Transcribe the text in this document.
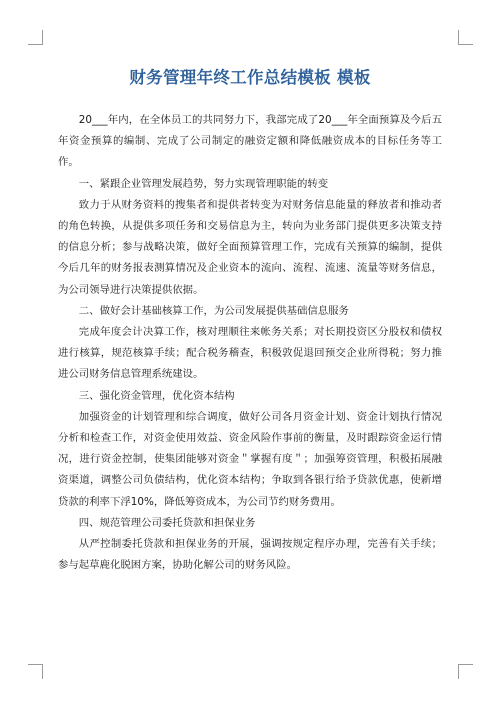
财务管理年终工作总结模板 模板

20___年内，在全体员工的共同努力下，我部完成了20___年全面预算及今后五年资金预算的编制、完成了公司制定的融资定额和降低融资成本的目标任务等工作。

一、紧跟企业管理发展趋势，努力实现管理职能的转变

致力于从财务资料的搜集者和提供者转变为对财务信息能量的释放者和推动者的角色转换，从提供多项任务和交易信息为主，转向为业务部门提供更多决策支持的信息分析；参与战略决策，做好全面预算管理工作，完成有关预算的编制，提供今后几年的财务报表测算情况及企业资本的流向、流程、流速、流量等财务信息，为公司领导进行决策提供依据。

二、做好会计基础核算工作，为公司发展提供基础信息服务

完成年度会计决算工作，核对理顺往来帐务关系；对长期投资区分股权和债权进行核算，规范核算手续；配合税务稽查，积极敦促退回预交企业所得税；努力推进公司财务信息管理系统建设。

三、强化资金管理，优化资本结构

加强资金的计划管理和综合调度，做好公司各月资金计划、资金计划执行情况分析和检查工作，对资金使用效益、资金风险作事前的衡量，及时跟踪资金运行情况，进行资金控制，使集团能够对资金＂掌握有度＂；加强筹资管理，积极拓展融资渠道，调整公司负债结构，优化资本结构；争取到各银行给予贷款优惠，使新增贷款的利率下浮10%，降低筹资成本，为公司节约财务费用。

四、规范管理公司委托贷款和担保业务

从严控制委托贷款和担保业务的开展，强调按规定程序办理，完善有关手续；参与起草鹿化脱困方案，协助化解公司的财务风险。
